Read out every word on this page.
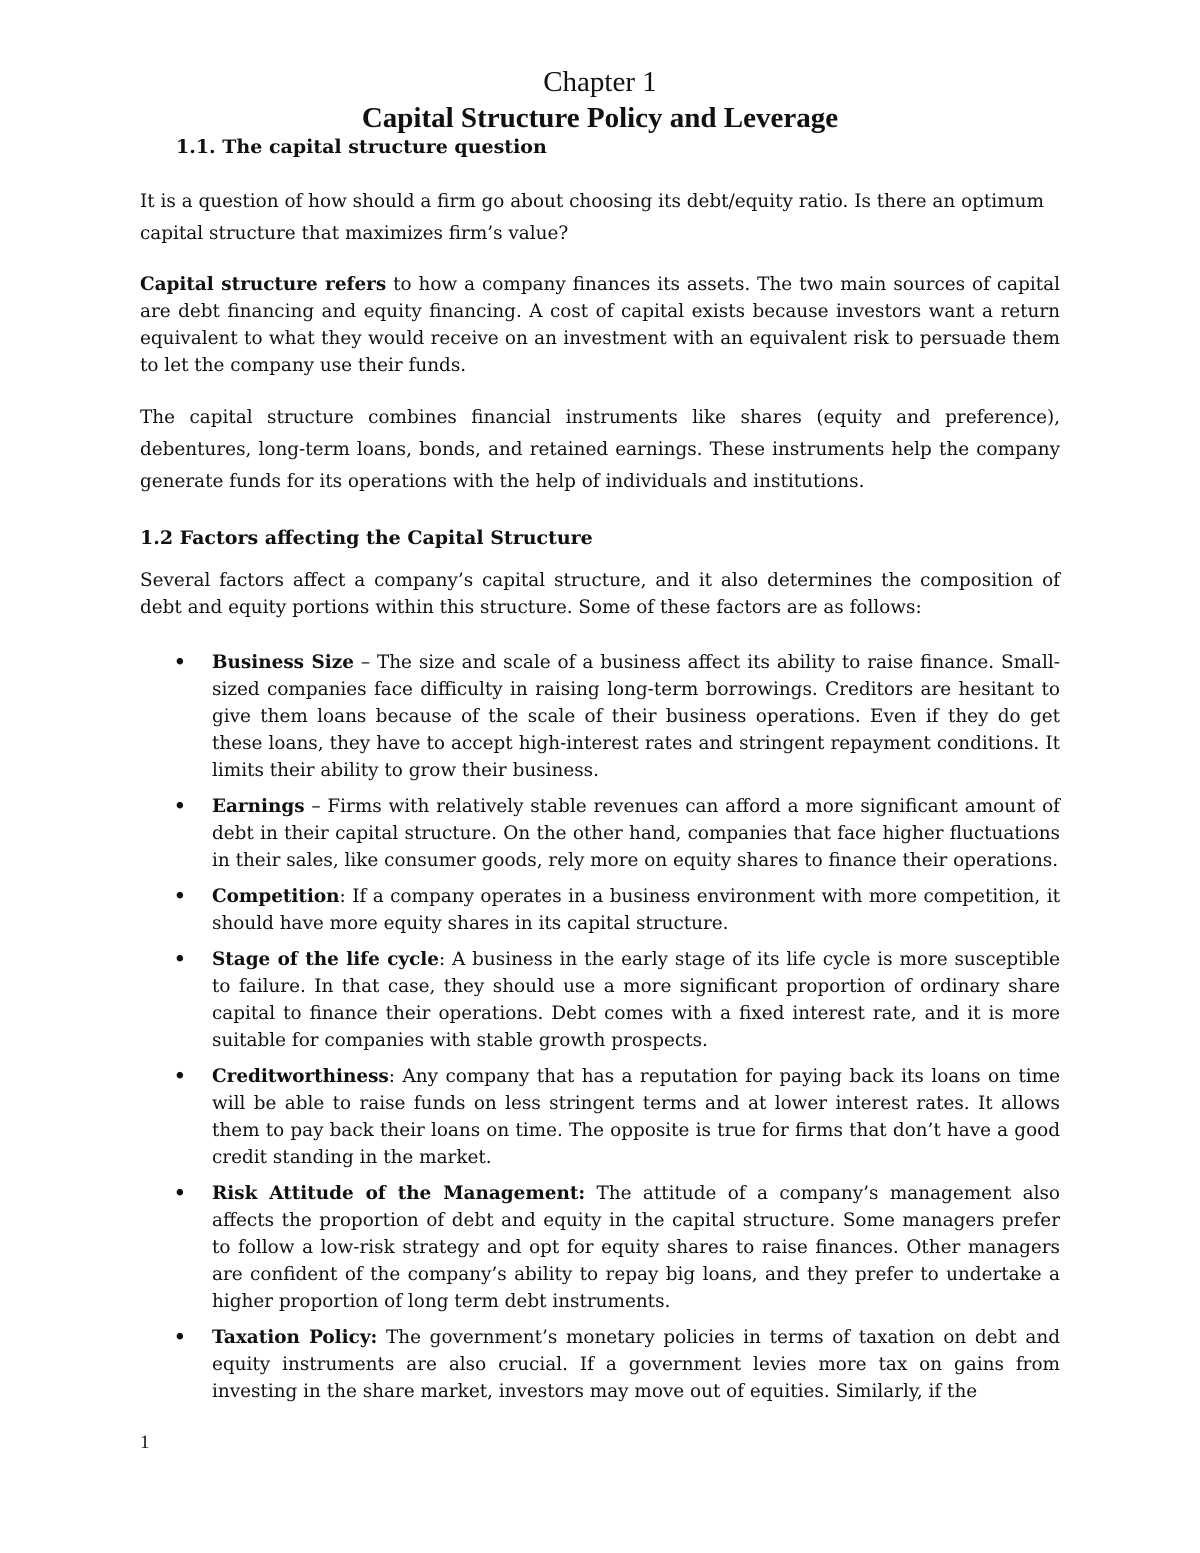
Chapter 1
Capital Structure Policy and Leverage
1.1. The capital structure question

It is a question of how should a firm go about choosing its debt/equity ratio. Is there an optimum capital structure that maximizes firm’s value?

Capital structure refers to how a company finances its assets. The two main sources of capital are debt financing and equity financing. A cost of capital exists because investors want a return equivalent to what they would receive on an investment with an equivalent risk to persuade them to let the company use their funds.

The capital structure combines financial instruments like shares (equity and preference), debentures, long-term loans, bonds, and retained earnings. These instruments help the company generate funds for its operations with the help of individuals and institutions.

1.2 Factors affecting the Capital Structure

Several factors affect a company’s capital structure, and it also determines the composition of debt and equity portions within this structure. Some of these factors are as follows:

• Business Size – The size and scale of a business affect its ability to raise finance. Small-sized companies face difficulty in raising long-term borrowings. Creditors are hesitant to give them loans because of the scale of their business operations. Even if they do get these loans, they have to accept high-interest rates and stringent repayment conditions. It limits their ability to grow their business.
• Earnings – Firms with relatively stable revenues can afford a more significant amount of debt in their capital structure. On the other hand, companies that face higher fluctuations in their sales, like consumer goods, rely more on equity shares to finance their operations.
• Competition: If a company operates in a business environment with more competition, it should have more equity shares in its capital structure.
• Stage of the life cycle: A business in the early stage of its life cycle is more susceptible to failure. In that case, they should use a more significant proportion of ordinary share capital to finance their operations. Debt comes with a fixed interest rate, and it is more suitable for companies with stable growth prospects.
• Creditworthiness: Any company that has a reputation for paying back its loans on time will be able to raise funds on less stringent terms and at lower interest rates. It allows them to pay back their loans on time. The opposite is true for firms that don’t have a good credit standing in the market.
• Risk Attitude of the Management: The attitude of a company’s management also affects the proportion of debt and equity in the capital structure. Some managers prefer to follow a low-risk strategy and opt for equity shares to raise finances. Other managers are confident of the company’s ability to repay big loans, and they prefer to undertake a higher proportion of long term debt instruments.
• Taxation Policy: The government’s monetary policies in terms of taxation on debt and equity instruments are also crucial. If a government levies more tax on gains from investing in the share market, investors may move out of equities. Similarly, if the
1
